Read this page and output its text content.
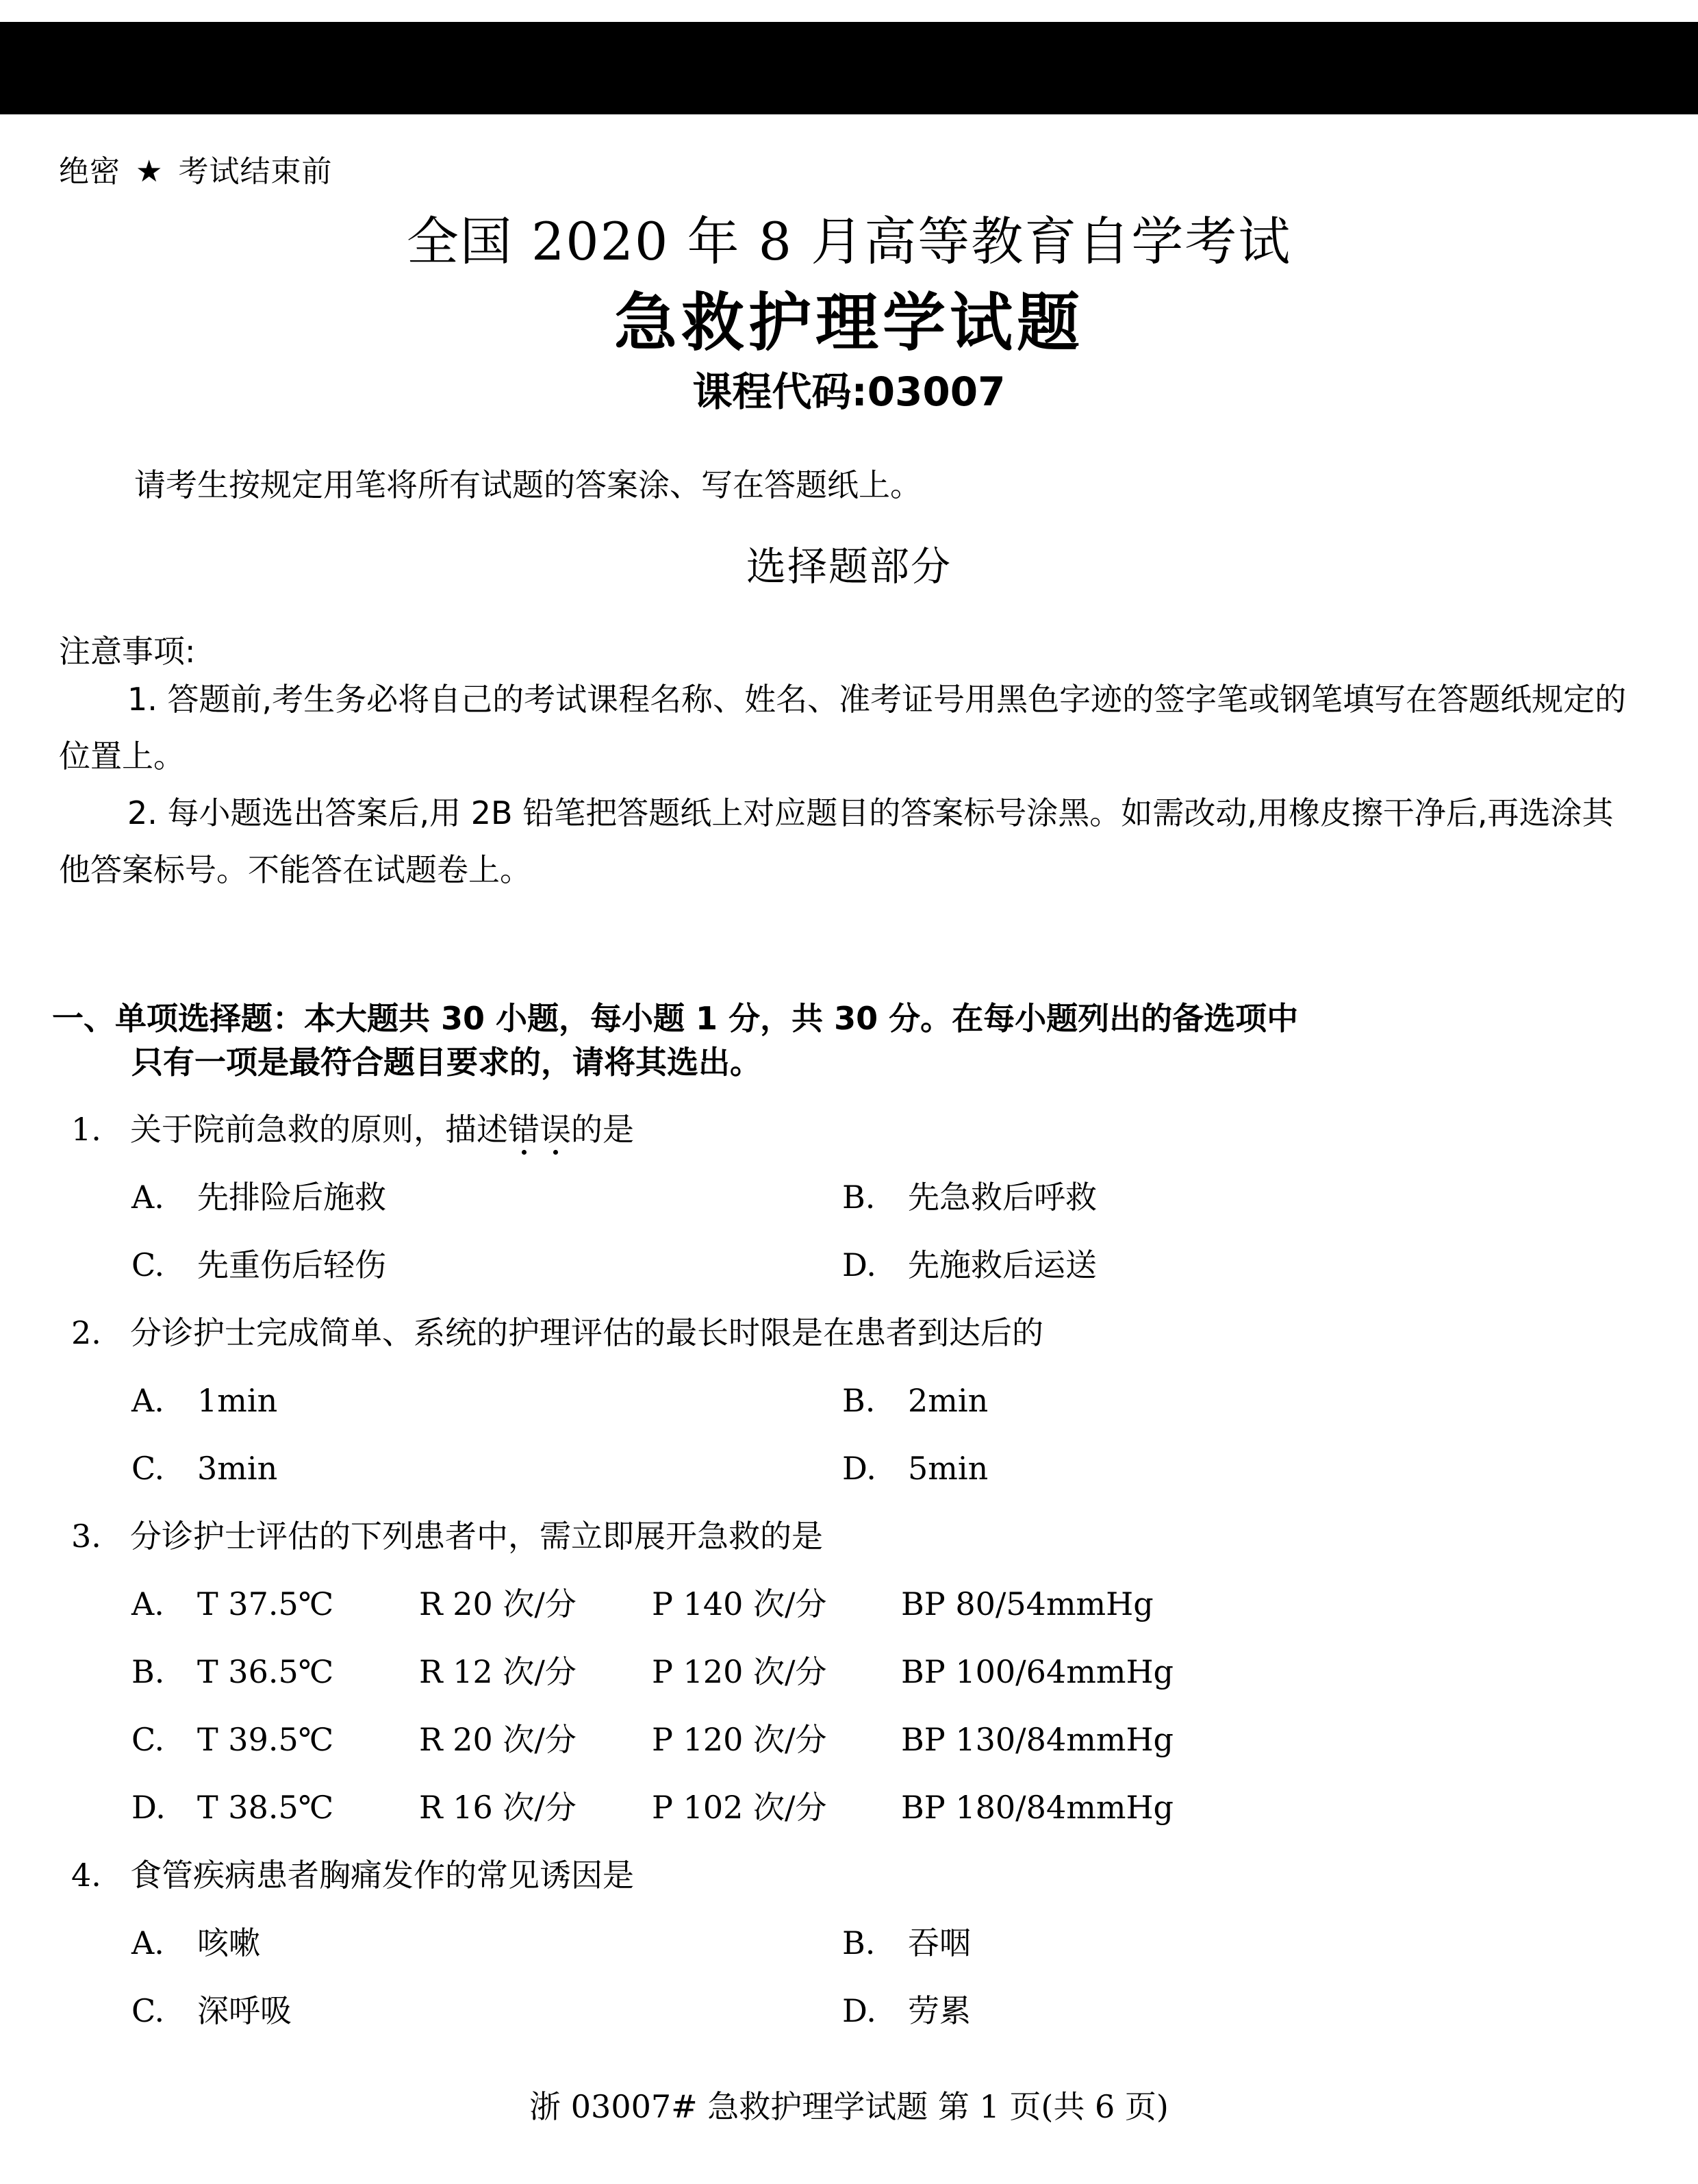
绝密 ★ 考试结束前
全国 2020 年 8 月高等教育自学考试
急救护理学试题
课程代码:03007
请考生按规定用笔将所有试题的答案涂、写在答题纸上。
选择题部分
注意事项:

1. 答题前,考生务必将自己的考试课程名称、姓名、准考证号用黑色字迹的签字笔或钢笔填写在答题纸规定的位置上。

2. 每小题选出答案后,用 2B 铅笔把答题纸上对应题目的答案标号涂黑。如需改动,用橡皮擦干净后,再选涂其他答案标号。不能答在试题卷上。

一、单项选择题：本大题共 30 小题，每小题 1 分，共 30 分。在每小题列出的备选项中
只有一项是最符合题目要求的，请将其选出。
1. 关于院前急救的原则，描述错误的是
A. 先排险后施救	B. 先急救后呼救
C. 先重伤后轻伤	D. 先施救后运送
2. 分诊护士完成简单、系统的护理评估的最长时限是在患者到达后的
A. 1min	B. 2min
C. 3min	D. 5min
3. 分诊护士评估的下列患者中，需立即展开急救的是
A. T 37.5℃	R 20 次/分 P 140 次/分 BP 80/54mmHg
B. T 36.5℃	R 12 次/分 P 120 次/分 BP 100/64mmHg
C. T 39.5℃	R 20 次/分 P 120 次/分 BP 130/84mmHg
D. T 38.5℃	R 16 次/分 P 102 次/分 BP 180/84mmHg
4. 食管疾病患者胸痛发作的常见诱因是
A. 咳嗽	B. 吞咽
C. 深呼吸	D. 劳累
浙 03007# 急救护理学试题 第 1 页(共 6 页)
